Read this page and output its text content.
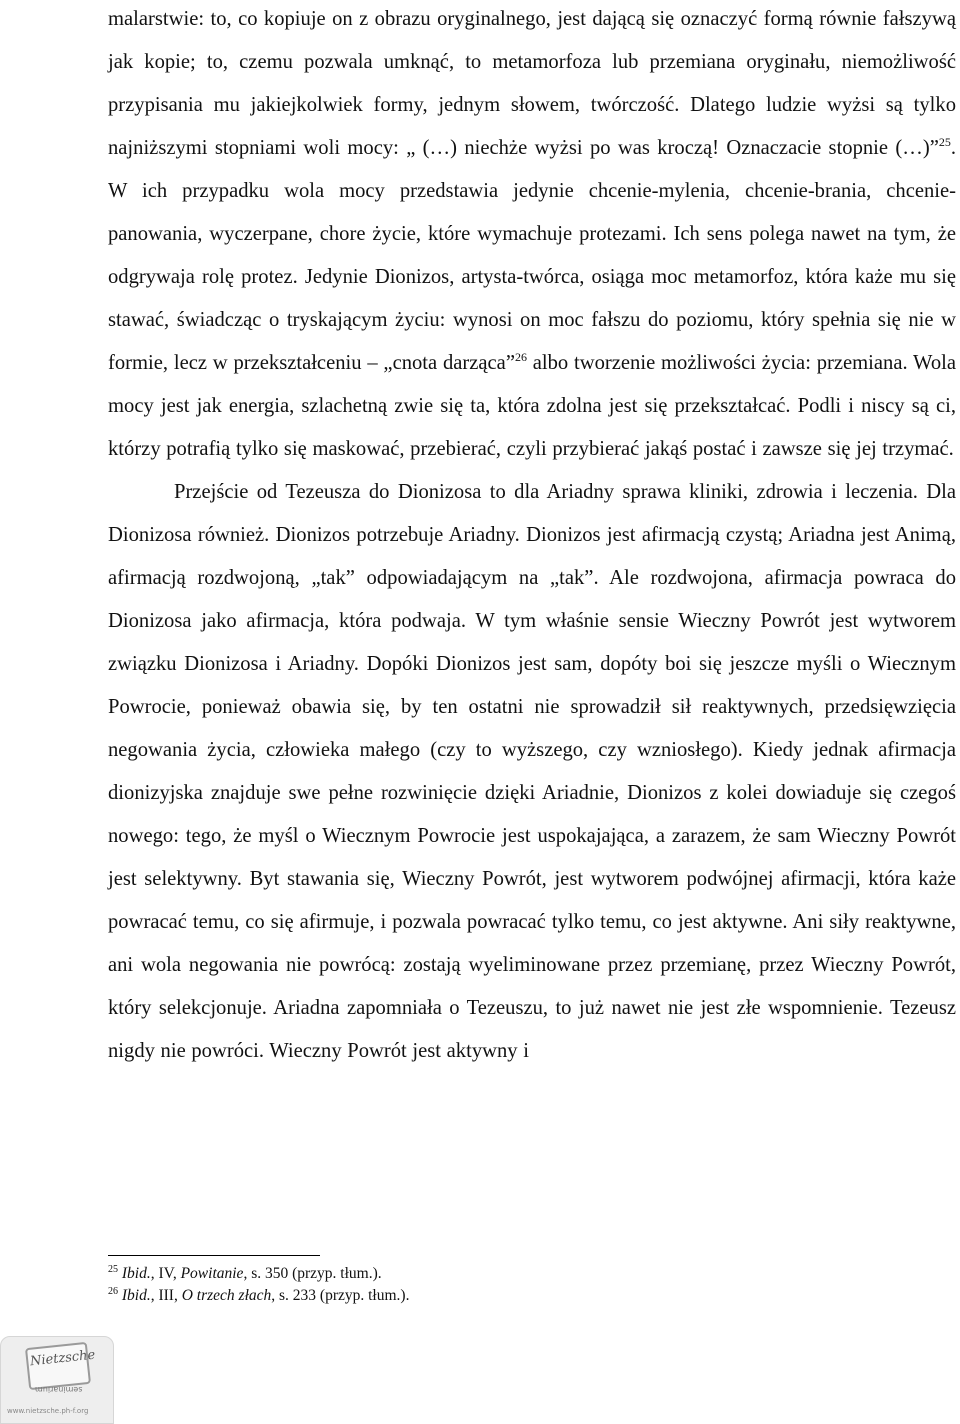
malarstwie: to, co kopiuje on z obrazu oryginalnego, jest dającą się oznaczyć formą równie fałszywą jak kopie; to, czemu pozwala umknąć, to metamorfoza lub przemiana oryginału, niemożliwość przypisania mu jakiejkolwiek formy, jednym słowem, twórczość. Dlatego ludzie wyżsi są tylko najniższymi stopniami woli mocy: „ (…) niechże wyżsi po was kroczą! Oznaczacie stopnie (…)”$^{25}$. W ich przypadku wola mocy przedstawia jedynie chcenie-mylenia, chcenie-brania, chcenie-panowania, wyczerpane, chore życie, które wymachuje protezami. Ich sens polega nawet na tym, że odgrywaja rolę protez. Jedynie Dionizos, artysta-twórca, osiąga moc metamorfoz, która każe mu się stawać, świadcząc o tryskającym życiu: wynosi on moc fałszu do poziomu, który spełnia się nie w formie, lecz w przekształceniu – „cnota darząca”$^{26}$ albo tworzenie możliwości życia: przemiana. Wola mocy jest jak energia, szlachetną zwie się ta, która zdolna jest się przekształcać. Podli i niscy są ci, którzy potrafią tylko się maskować, przebierać, czyli przybierać jakąś postać i zawsze się jej trzymać.

Przejście od Tezeusza do Dionizosa to dla Ariadny sprawa kliniki, zdrowia i leczenia. Dla Dionizosa również. Dionizos potrzebuje Ariadny. Dionizos jest afirmacją czystą; Ariadna jest Animą, afirmacją rozdwojoną, „tak” odpowiadającym na „tak”. Ale rozdwojona, afirmacja powraca do Dionizosa jako afirmacja, która podwaja. W tym właśnie sensie Wieczny Powrót jest wytworem związku Dionizosa i Ariadny. Dopóki Dionizos jest sam, dopóty boi się jeszcze myśli o Wiecznym Powrocie, ponieważ obawia się, by ten ostatni nie sprowadził sił reaktywnych, przedsięwzięcia negowania życia, człowieka małego (czy to wyższego, czy wzniosłego). Kiedy jednak afirmacja dionizyjska znajduje swe pełne rozwinięcie dzięki Ariadnie, Dionizos z kolei dowiaduje się czegoś nowego: tego, że myśl o Wiecznym Powrocie jest uspokajająca, a zarazem, że sam Wieczny Powrót jest selektywny. Byt stawania się, Wieczny Powrót, jest wytworem podwójnej afirmacji, która każe powracać temu, co się afirmuje, i pozwala powracać tylko temu, co jest aktywne. Ani siły reaktywne, ani wola negowania nie powrócą: zostają wyeliminowane przez przemianę, przez Wieczny Powrót, który selekcjonuje. Ariadna zapomniała o Tezeuszu, to już nawet nie jest złe wspomnienie. Tezeusz nigdy nie powróci. Wieczny Powrót jest aktywny i

$^{25}$ Ibid., IV, Powitanie, s. 350 (przyp. tłum.).

$^{26}$ Ibid., III, O trzech złach, s. 233 (przyp. tłum.).

Nietzsche
seminarium
www.nietzsche.ph-f.org
